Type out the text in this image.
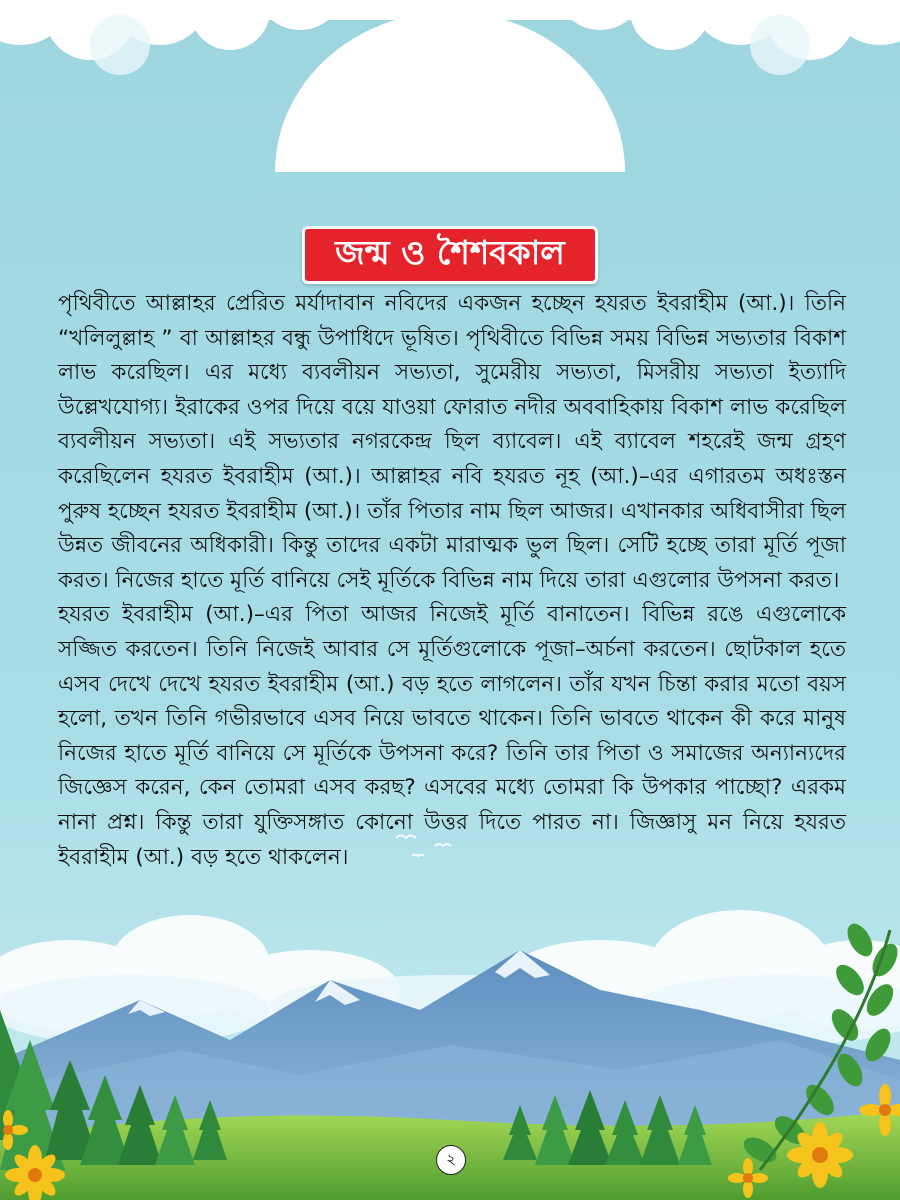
জন্ম ও শৈশবকাল

পৃথিবীতে আল্লাহর প্রেরিত মর্যাদাবান নবিদের একজন হচ্ছেন হযরত ইবরাহীম (আ.)। তিনি “খলিলুল্লাহ ” বা আল্লাহর বন্ধু উপাধিদে ভূষিত। পৃথিবীতে বিভিন্ন সময় বিভিন্ন সভ্যতার বিকাশ লাভ করেছিল। এর মধ্যে ব্যবলীয়ন সভ্যতা, সুমেরীয় সভ্যতা, মিসরীয় সভ্যতা ইত্যাদি উল্লেখযোগ্য। ইরাকের ওপর দিয়ে বয়ে যাওয়া ফোরাত নদীর অববাহিকায় বিকাশ লাভ করেছিল ব্যবলীয়ন সভ্যতা। এই সভ্যতার নগরকেন্দ্র ছিল ব্যাবেল। এই ব্যাবেল শহরেই জন্ম গ্রহণ করেছিলেন হযরত ইবরাহীম (আ.)। আল্লাহর নবি হযরত নূহ (আ.)–এর এগারতম অধঃস্তন পুরুষ হচ্ছেন হযরত ইবরাহীম (আ.)। তাঁর পিতার নাম ছিল আজর। এখানকার অধিবাসীরা ছিল উন্নত জীবনের অধিকারী। কিন্তু তাদের একটা মারাত্মক ভুল ছিল। সেটি হচ্ছে তারা মূর্তি পূজা করত। নিজের হাতে মূর্তি বানিয়ে সেই মূর্তিকে বিভিন্ন নাম দিয়ে তারা এগুলোর উপসনা করত।

হযরত ইবরাহীম (আ.)–এর পিতা আজর নিজেই মূর্তি বানাতেন। বিভিন্ন রঙে এগুলোকে সজ্জিত করতেন। তিনি নিজেই আবার সে মূর্তিগুলোকে পূজা–অর্চনা করতেন। ছোটকাল হতে এসব দেখে দেখে হযরত ইবরাহীম (আ.) বড় হতে লাগলেন। তাঁর যখন চিন্তা করার মতো বয়স হলো, তখন তিনি গভীরভাবে এসব নিয়ে ভাবতে থাকেন। তিনি ভাবতে থাকেন কী করে মানুষ নিজের হাতে মূর্তি বানিয়ে সে মূর্তিকে উপসনা করে? তিনি তার পিতা ও সমাজের অন্যান্যদের জিজ্ঞেস করেন, কেন তোমরা এসব করছ? এসবের মধ্যে তোমরা কি উপকার পাচ্ছো? এরকম নানা প্রশ্ন। কিন্তু তারা যুক্তিসঙ্গাত কোনো উত্তর দিতে পারত না। জিজ্ঞাসু মন নিয়ে হযরত ইবরাহীম (আ.) বড় হতে থাকলেন।

২
